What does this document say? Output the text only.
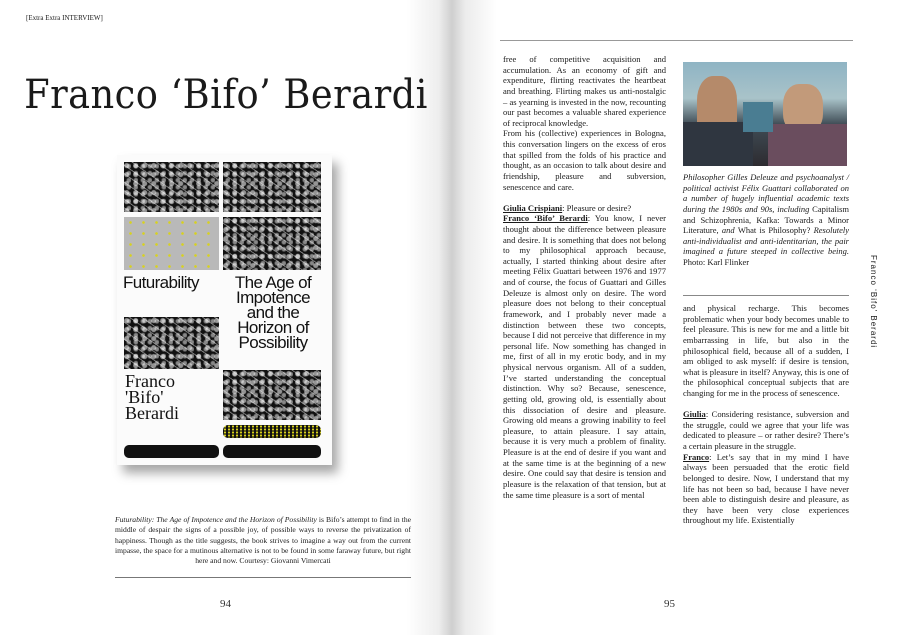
[Extra Extra INTERVIEW]
Franco ‘Bifo’ Berardi
Futurability	The Age of
Impotence
and the
Horizon of
Possibility
Franco
'Bifo'
Berardi
Futurability: The Age of Impotence and the Horizon of Possibility is Bifo’s attempt to find in the middle of despair the signs of a possible joy, of possible ways to reverse the privatization of happiness. Though as the title suggests, the book strives to imagine a way out from the current impasse, the space for a mutinous alternative is not to be found in some faraway future, but right here and now. Courtesy: Giovanni Vimercati
94

free of competitive acquisition and accumulation. As an economy of gift and expenditure, flirting reactivates the heartbeat and breathing. Flirting makes us anti-nostalgic – as yearning is invested in the now, recounting our past becomes a valuable shared experience of reciprocal knowledge.

From his (collective) experiences in Bologna, this conversation lingers on the excess of eros that spilled from the folds of his practice and thought, as an occasion to talk about desire and friendship, pleasure and subversion, senescence and care.

Giulia Crispiani: Pleasure or desire?

Franco ‘Bifo’ Berardi: You know, I never thought about the difference between pleasure and desire. It is something that does not belong to my philosophical approach because, actually, I started thinking about desire after meeting Félix Guattari between 1976 and 1977 and of course, the focus of Guattari and Gilles Deleuze is almost only on desire. The word pleasure does not belong to their conceptual framework, and I probably never made a distinction between these two concepts, because I did not perceive that difference in my personal life. Now something has changed in me, first of all in my erotic body, and in my physical nervous organism. All of a sudden, I’ve started understanding the conceptual distinction. Why so? Because, senescence, getting old, growing old, is essentially about this dissociation of desire and pleasure. Growing old means a growing inability to feel pleasure, to attain pleasure. I say attain, because it is very much a problem of finality. Pleasure is at the end of desire if you want and at the same time is at the beginning of a new desire. One could say that desire is tension and pleasure is the relaxation of that tension, but at the same time pleasure is a sort of mental

Philosopher Gilles Deleuze and psychoanalyst / political activist Félix Guattari collaborated on a number of hugely influential academic texts during the 1980s and 90s, including Capitalism and Schizophrenia, Kafka: Towards a Minor Literature, and What is Philosophy? Resolutely anti-individualist and anti-identitarian, the pair imagined a future steeped in collective being. Photo: Karl Flinker

and physical recharge. This becomes problematic when your body becomes unable to feel pleasure. This is new for me and a little bit embarrassing in life, but also in the philosophical field, because all of a sudden, I am obliged to ask myself: if desire is tension, what is pleasure in itself? Anyway, this is one of the philosophical conceptual subjects that are changing for me in the process of senescence.

Giulia: Considering resistance, subversion and the struggle, could we agree that your life was dedicated to pleasure – or rather desire? There’s a certain pleasure in the struggle.

Franco: Let’s say that in my mind I have always been persuaded that the erotic field belonged to desire. Now, I understand that my life has not been so bad, because I have never been able to distinguish desire and pleasure, as they have been very close experiences throughout my life. Existentially

Franco ‘Bifo’ Berardi
95
